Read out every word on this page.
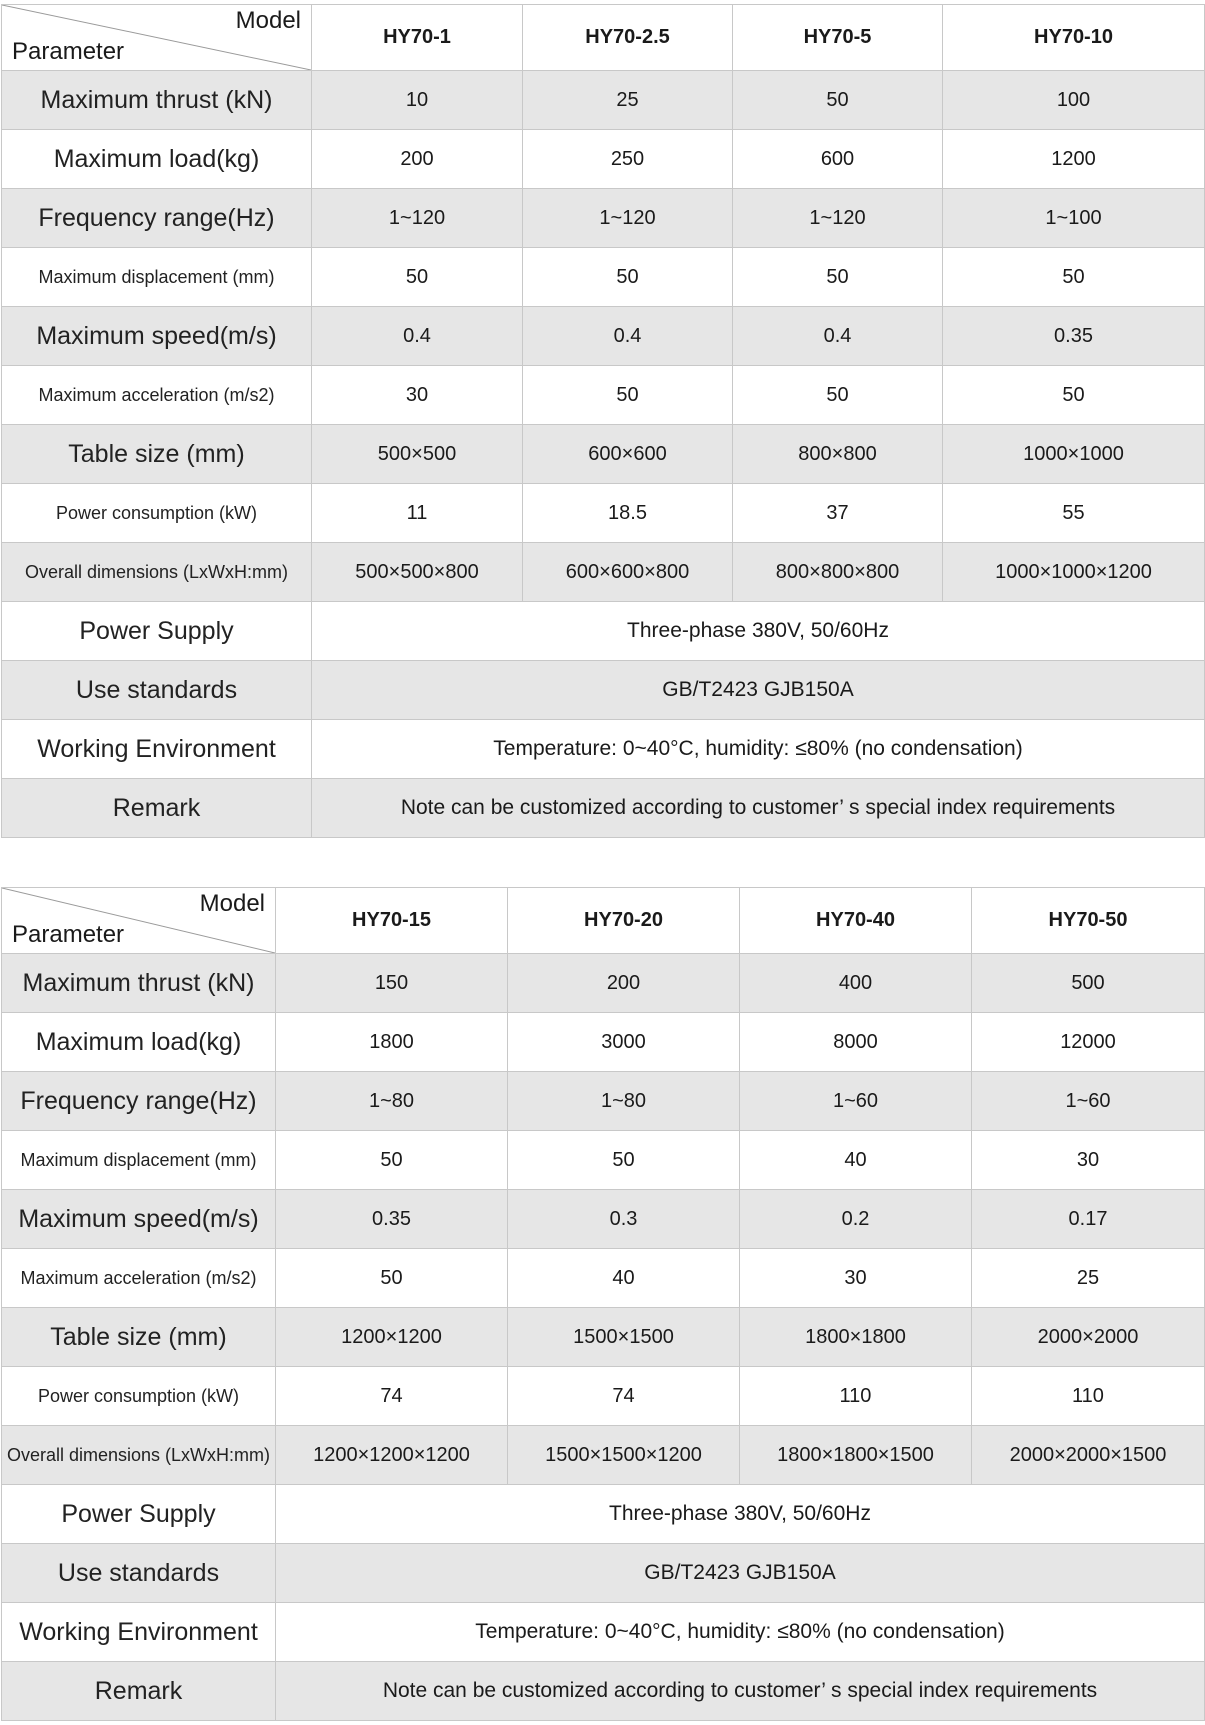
Model
Parameter	HY70-1	HY70-2.5	HY70-5	HY70-10
Maximum thrust (kN)	10	25	50	100
Maximum load(kg)	200	250	600	1200
Frequency range(Hz)	1~120	1~120	1~120	1~100
Maximum displacement (mm)	50	50	50	50
Maximum speed(m/s)	0.4	0.4	0.4	0.35
Maximum acceleration (m/s2)	30	50	50	50
Table size (mm)	500×500	600×600	800×800	1000×1000
Power consumption (kW)	11	18.5	37	55
Overall dimensions (LxWxH:mm)	500×500×800	600×600×800	800×800×800	1000×1000×1200
Power Supply	Three-phase 380V, 50/60Hz			
Use standards	GB/T2423 GJB150A			
Working Environment	Temperature: 0~40°C, humidity: ≤80% (no condensation)			
Remark	Note can be customized according to customer’ s special index requirements			
Model
Parameter	HY70-15	HY70-20	HY70-40	HY70-50
Maximum thrust (kN)	150	200	400	500
Maximum load(kg)	1800	3000	8000	12000
Frequency range(Hz)	1~80	1~80	1~60	1~60
Maximum displacement (mm)	50	50	40	30
Maximum speed(m/s)	0.35	0.3	0.2	0.17
Maximum acceleration (m/s2)	50	40	30	25
Table size (mm)	1200×1200	1500×1500	1800×1800	2000×2000
Power consumption (kW)	74	74	110	110
Overall dimensions (LxWxH:mm)	1200×1200×1200	1500×1500×1200	1800×1800×1500	2000×2000×1500
Power Supply	Three-phase 380V, 50/60Hz			
Use standards	GB/T2423 GJB150A			
Working Environment	Temperature: 0~40°C, humidity: ≤80% (no condensation)			
Remark	Note can be customized according to customer’ s special index requirements			
